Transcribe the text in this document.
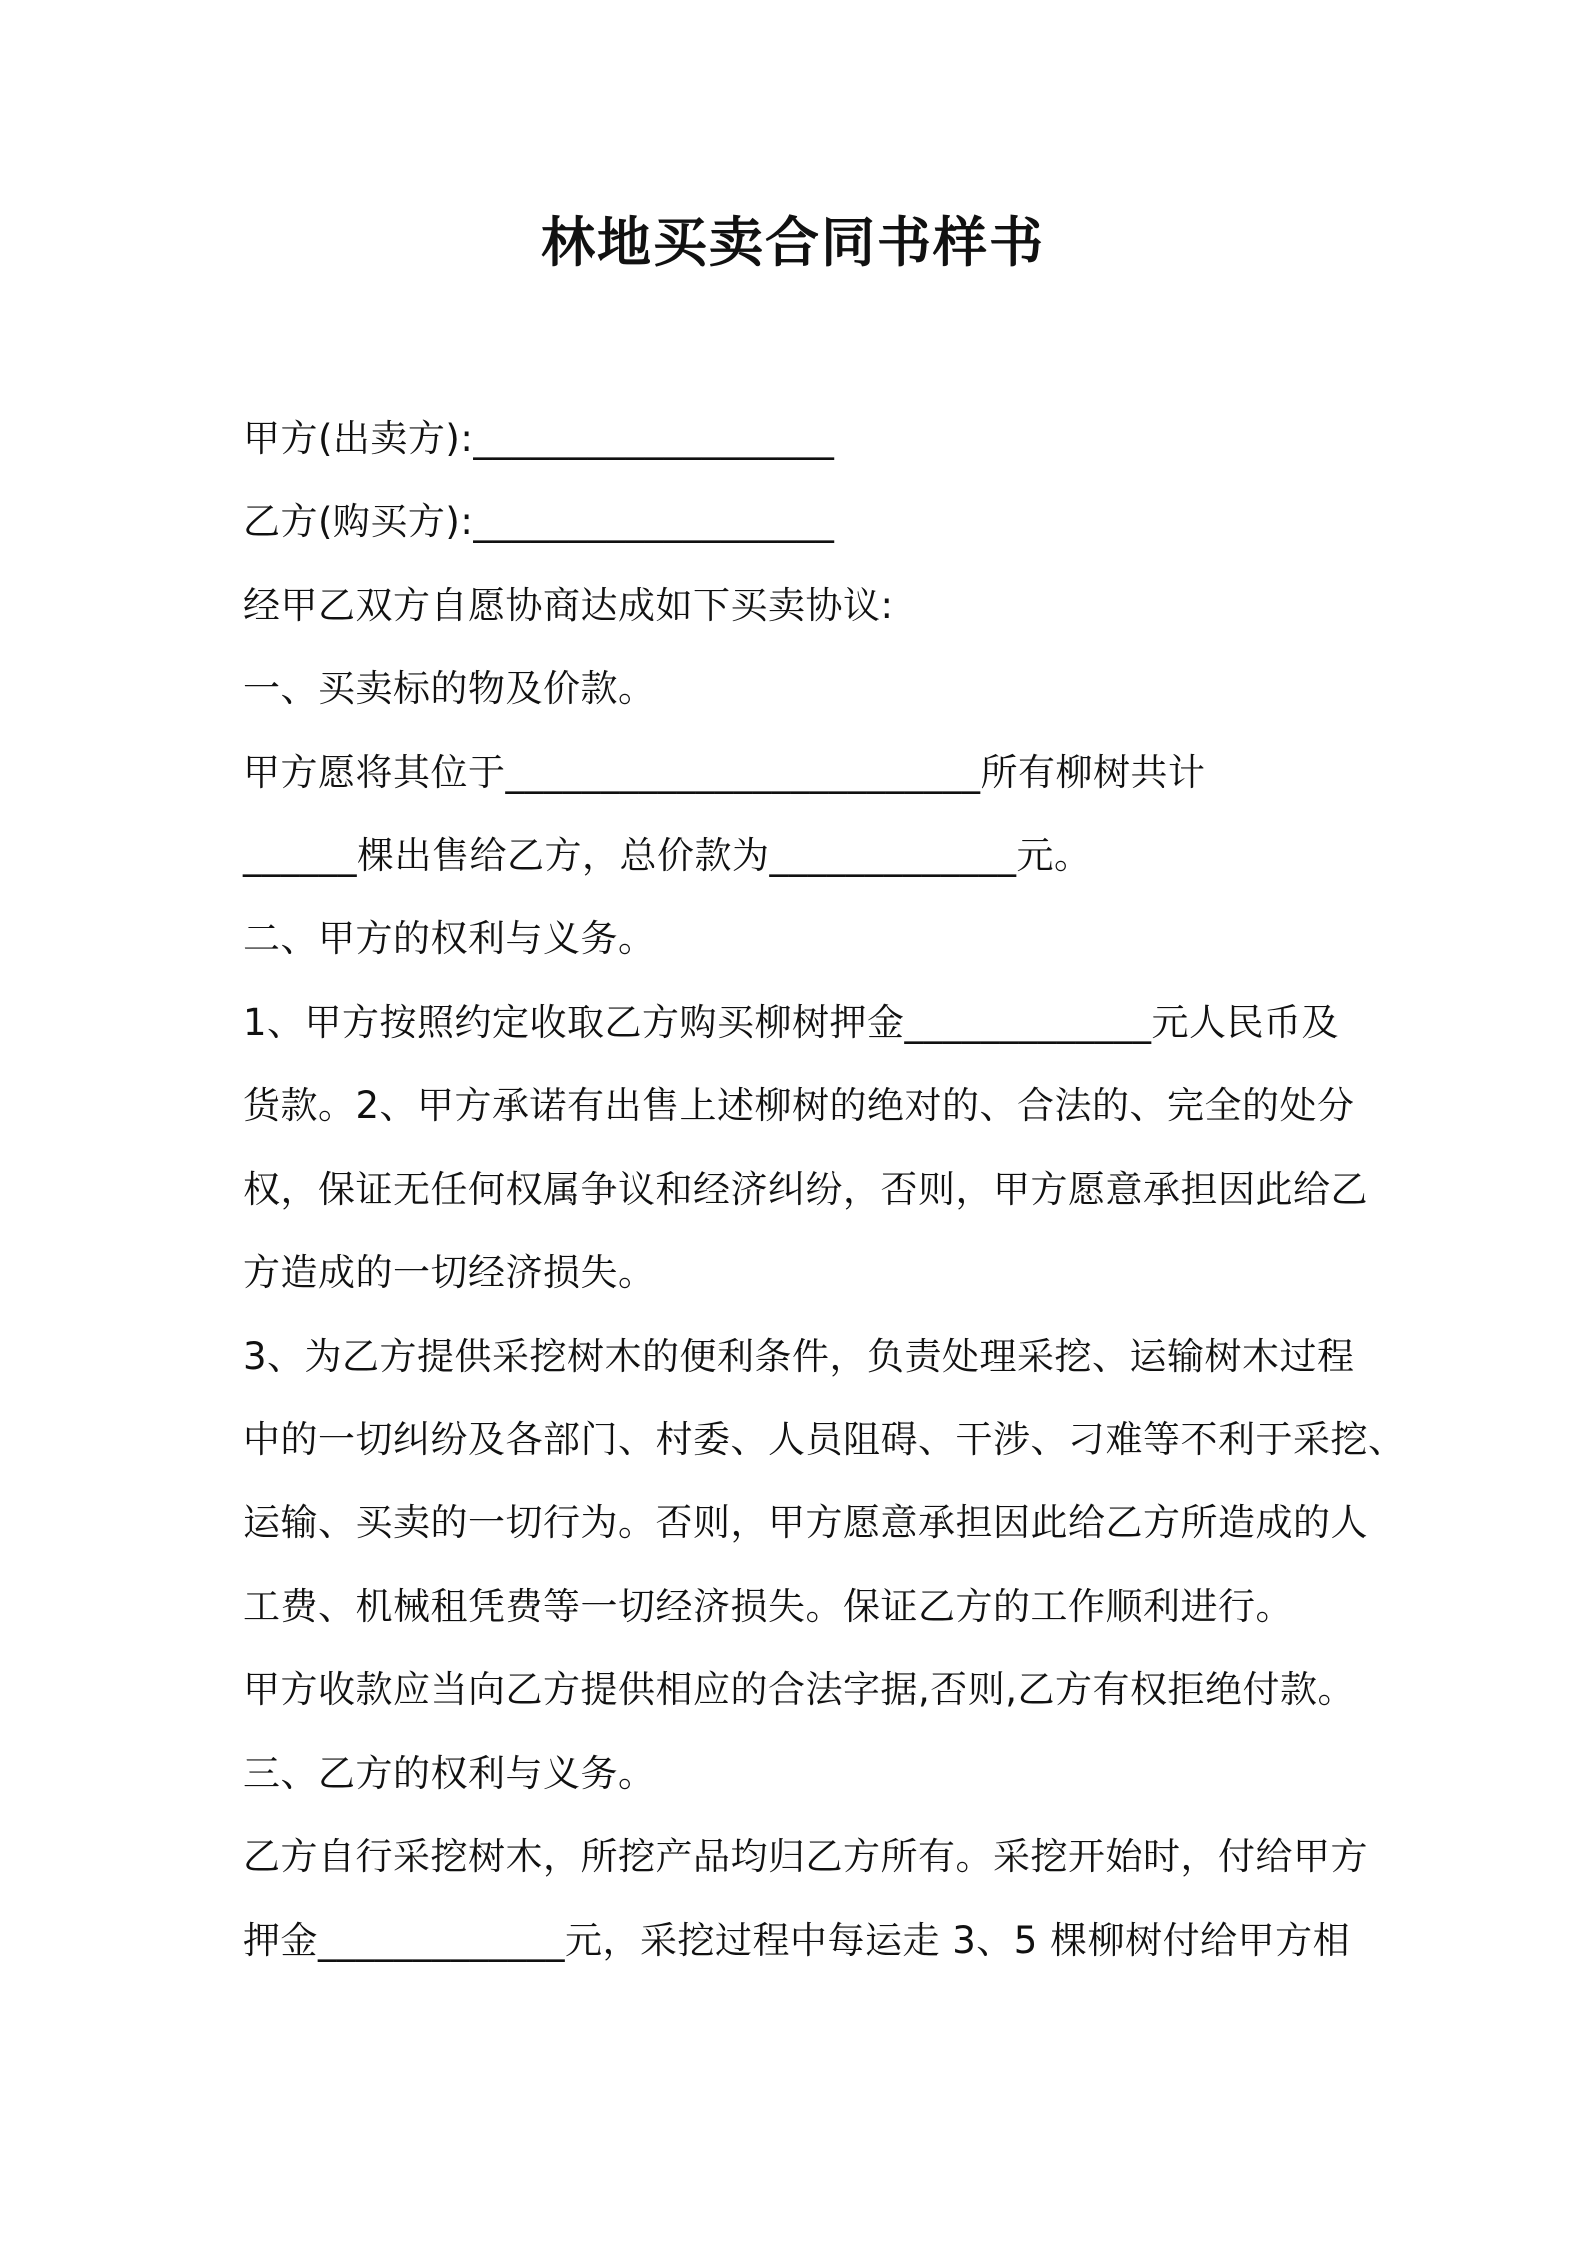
林地买卖合同书样书
甲方(出卖方):___________________
乙方(购买方):___________________
经甲乙双方自愿协商达成如下买卖协议:
一、买卖标的物及价款。
甲方愿将其位于_________________________所有柳树共计
______棵出售给乙方，总价款为_____________元。
二、甲方的权利与义务。
1、甲方按照约定收取乙方购买柳树押金_____________元人民币及
货款。2、甲方承诺有出售上述柳树的绝对的、合法的、完全的处分
权，保证无任何权属争议和经济纠纷，否则，甲方愿意承担因此给乙
方造成的一切经济损失。
3、为乙方提供采挖树木的便利条件，负责处理采挖、运输树木过程
中的一切纠纷及各部门、村委、人员阻碍、干涉、刁难等不利于采挖、
运输、买卖的一切行为。否则，甲方愿意承担因此给乙方所造成的人
工费、机械租凭费等一切经济损失。保证乙方的工作顺利进行。
甲方收款应当向乙方提供相应的合法字据,否则,乙方有权拒绝付款。
三、乙方的权利与义务。
乙方自行采挖树木，所挖产品均归乙方所有。采挖开始时，付给甲方
押金_____________元，采挖过程中每运走 3、5 棵柳树付给甲方相
